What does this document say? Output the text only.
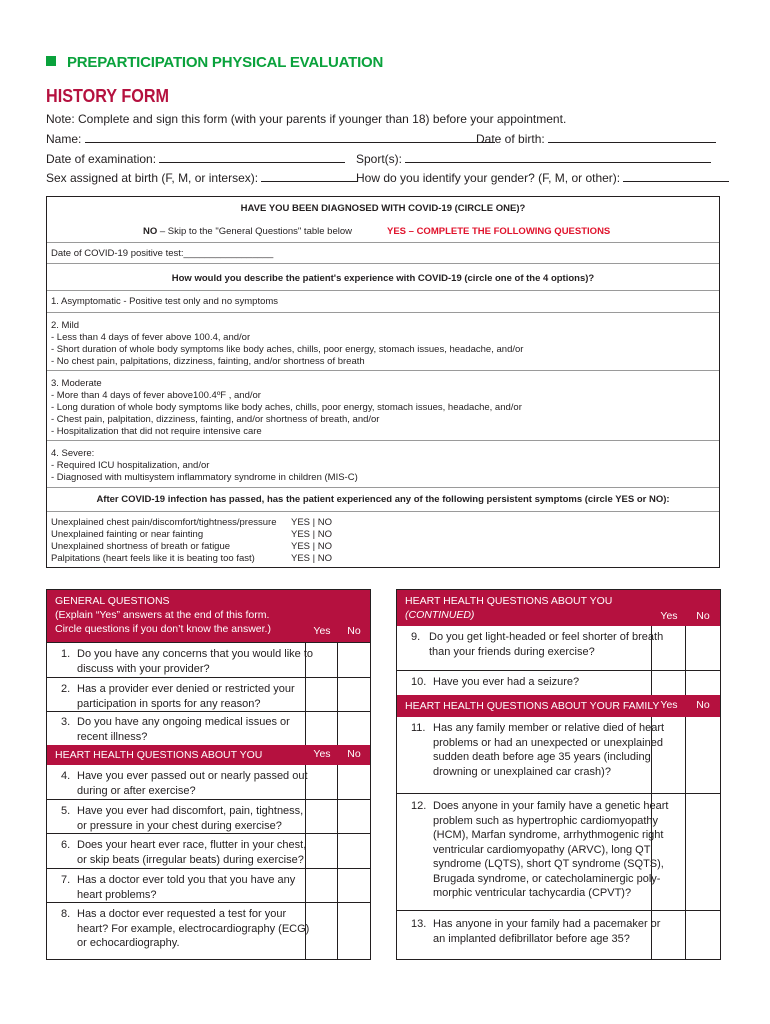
PREPARTICIPATION PHYSICAL EVALUATION
HISTORY FORM
Note: Complete and sign this form (with your parents if younger than 18) before your appointment.
Name:	Date of birth:
Date of examination:	Sport(s):
Sex assigned at birth (F, M, or intersex):	How do you identify your gender? (F, M, or other):
HAVE YOU BEEN DIAGNOSED WITH COVID-19 (CIRCLE ONE)?
NO – Skip to the "General Questions" table below	YES – COMPLETE THE FOLLOWING QUESTIONS
Date of COVID-19 positive test:_________________
How would you describe the patient's experience with COVID-19 (circle one of the 4 options)?
1. Asymptomatic - Positive test only and no symptoms
2. Mild
- Less than 4 days of fever above 100.4, and/or
- Short duration of whole body symptoms like body aches, chills, poor energy, stomach issues, headache, and/or
- No chest pain, palpitations, dizziness, fainting, and/or shortness of breath
3. Moderate
- More than 4 days of fever above100.4ºF , and/or
- Long duration of whole body symptoms like body aches, chills, poor energy, stomach issues, headache, and/or
- Chest pain, palpitation, dizziness, fainting, and/or shortness of breath, and/or
- Hospitalization that did not require intensive care
4. Severe:
- Required ICU hospitalization, and/or
- Diagnosed with multisystem inflammatory syndrome in children (MIS-C)
After COVID-19 infection has passed, has the patient experienced any of the following persistent symptoms (circle YES or NO):
Unexplained chest pain/discomfort/tightness/pressure YES | NO
Unexplained fainting or near fainting	YES | NO
Unexplained shortness of breath or fatigue	YES | NO
Palpitations (heart feels like it is beating too fast)	YES | NO
GENERAL QUESTIONS
(Explain “Yes” answers at the end of this form.
Circle questions if you don’t know the answer.)	Yes	No
1. Do you have any concerns that you would like to
discuss with your provider?
2. Has a provider ever denied or restricted your
participation in sports for any reason?
3. Do you have any ongoing medical issues or
recent illness?
HEART HEALTH QUESTIONS ABOUT YOU	Yes	No
4. Have you ever passed out or nearly passed out
during or after exercise?
5. Have you ever had discomfort, pain, tightness,
or pressure in your chest during exercise?
6. Does your heart ever race, flutter in your chest,
or skip beats (irregular beats) during exercise?
7. Has a doctor ever told you that you have any
heart problems?
8. Has a doctor ever requested a test for your
heart? For example, electrocardiography (ECG)
or echocardiography.
HEART HEALTH QUESTIONS ABOUT YOU
(CONTINUED)	Yes	No
9. Do you get light-headed or feel shorter of breath
than your friends during exercise?
10. Have you ever had a seizure?
HEART HEALTH QUESTIONS ABOUT YOUR FAMILY Yes	No
11. Has any family member or relative died of heart
problems or had an unexpected or unexplained
sudden death before age 35 years (including
drowning or unexplained car crash)?
12. Does anyone in your family have a genetic heart
problem such as hypertrophic cardiomyopathy
(HCM), Marfan syndrome, arrhythmogenic right
ventricular cardiomyopathy (ARVC), long QT
syndrome (LQTS), short QT syndrome (SQTS),
Brugada syndrome, or catecholaminergic poly-
morphic ventricular tachycardia (CPVT)?
13. Has anyone in your family had a pacemaker or
an implanted defibrillator before age 35?
